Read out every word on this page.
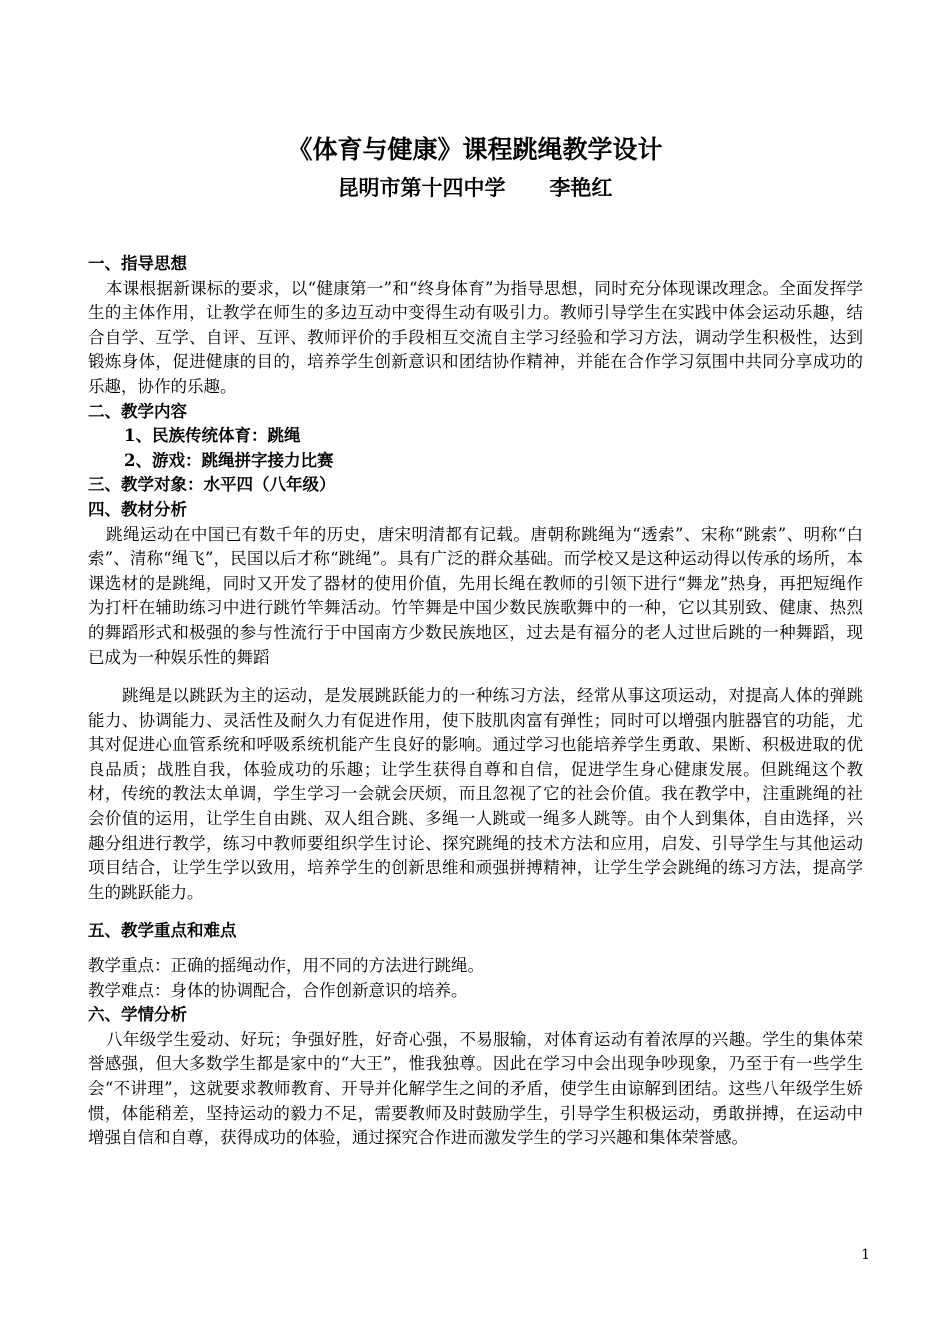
《体育与健康》课程跳绳教学设计
昆明市第十四中学      李艳红

一、指导思想

本课根据新课标的要求，以“健康第一”和“终身体育”为指导思想，同时充分体现课改理念。全面发挥学生的主体作用，让教学在师生的多边互动中变得生动有吸引力。教师引导学生在实践中体会运动乐趣，结合自学、互学、自评、互评、教师评价的手段相互交流自主学习经验和学习方法，调动学生积极性，达到锻炼身体，促进健康的目的，培养学生创新意识和团结协作精神，并能在合作学习氛围中共同分享成功的乐趣，协作的乐趣。

二、教学内容

1、民族传统体育：跳绳

2、游戏：跳绳拼字接力比赛

三、教学对象：水平四（八年级）

四、教材分析

跳绳运动在中国已有数千年的历史，唐宋明清都有记载。唐朝称跳绳为“透索”、宋称“跳索”、明称“白索”、清称“绳飞”，民国以后才称“跳绳”。具有广泛的群众基础。而学校又是这种运动得以传承的场所，本课选材的是跳绳，同时又开发了器材的使用价值，先用长绳在教师的引领下进行“舞龙”热身，再把短绳作为打杆在辅助练习中进行跳竹竿舞活动。竹竿舞是中国少数民族歌舞中的一种，它以其别致、健康、热烈的舞蹈形式和极强的参与性流行于中国南方少数民族地区，过去是有福分的老人过世后跳的一种舞蹈，现已成为一种娱乐性的舞蹈

跳绳是以跳跃为主的运动，是发展跳跃能力的一种练习方法，经常从事这项运动，对提高人体的弹跳能力、协调能力、灵活性及耐久力有促进作用，使下肢肌肉富有弹性；同时可以增强内脏器官的功能，尤其对促进心血管系统和呼吸系统机能产生良好的影响。通过学习也能培养学生勇敢、果断、积极进取的优良品质；战胜自我，体验成功的乐趣；让学生获得自尊和自信，促进学生身心健康发展。但跳绳这个教材，传统的教法太单调，学生学习一会就会厌烦，而且忽视了它的社会价值。我在教学中，注重跳绳的社会价值的运用，让学生自由跳、双人组合跳、多绳一人跳或一绳多人跳等。由个人到集体，自由选择，兴趣分组进行教学，练习中教师要组织学生讨论、探究跳绳的技术方法和应用，启发、引导学生与其他运动项目结合，让学生学以致用，培养学生的创新思维和顽强拼搏精神，让学生学会跳绳的练习方法，提高学生的跳跃能力。

五、教学重点和难点

教学重点：正确的摇绳动作，用不同的方法进行跳绳。

教学难点：身体的协调配合，合作创新意识的培养。

六、学情分析

八年级学生爱动、好玩；争强好胜，好奇心强，不易服输，对体育运动有着浓厚的兴趣。学生的集体荣誉感强，但大多数学生都是家中的“大王”，惟我独尊。因此在学习中会出现争吵现象，乃至于有一些学生会“不讲理”，这就要求教师教育、开导并化解学生之间的矛盾，使学生由谅解到团结。这些八年级学生娇惯，体能稍差，坚持运动的毅力不足，需要教师及时鼓励学生，引导学生积极运动，勇敢拼搏，在运动中增强自信和自尊，获得成功的体验，通过探究合作进而激发学生的学习兴趣和集体荣誉感。

1
